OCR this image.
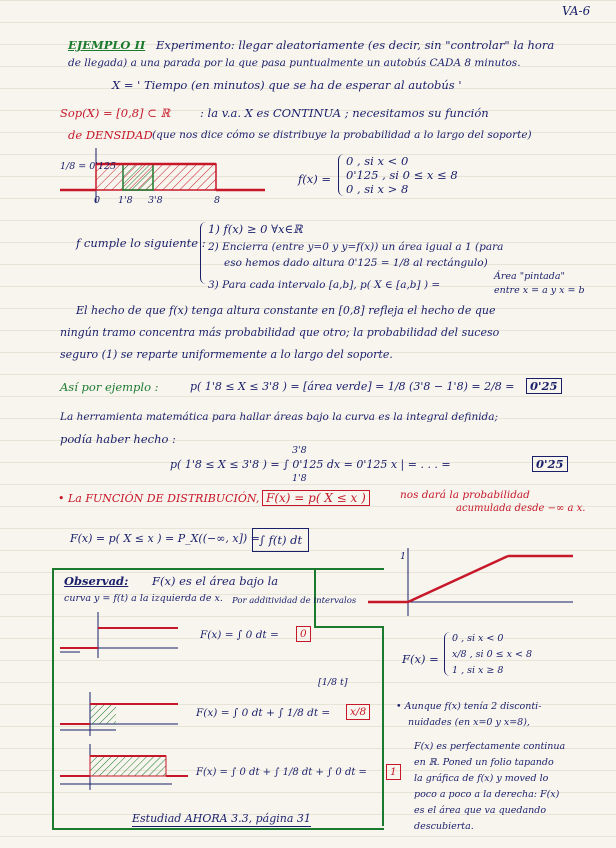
VA-6
EJEMPLO II Experimento: llegar aleatoriamente (es decir, sin "controlar" la hora
de llegada) a una parada por la que pasa puntualmente un autobús CADA 8 minutos.
X = ' Tiempo (en minutos) que se ha de esperar al autobús '
Sop(X) = [0,8] ⊂ ℝ	: la v.a. X es CONTINUA ; necesitamos su función
de DENSIDAD (que nos dice cómo se distribuye la probabilidad a lo largo del soporte)
1/8 = 0'125
0 1'8 3'8	8
f(x) =
0 , si x < 0
0'125 , si 0 ≤ x ≤ 8
0 , si x > 8
f cumple lo siguiente :
1) f(x) ≥ 0 ∀x∈ℝ
2) Encierra (entre y=0 y y=f(x)) un área igual a 1 (para
eso hemos dado altura 0'125 = 1/8 al rectángulo)
3) Para cada intervalo [a,b], p( X ∈ [a,b] ) =
Área "pintada"
entre x = a y x = b
El hecho de que f(x) tenga altura constante en [0,8] refleja el hecho de que
ningún tramo concentra más probabilidad que otro; la probabilidad del suceso
seguro (1) se reparte uniformemente a lo largo del soporte.
Así por ejemplo :	p( 1'8 ≤ X ≤ 3'8 ) = [área verde] = 1/8 (3'8 − 1'8) = 2/8 =	0'25
La herramienta matemática para hallar áreas bajo la curva es la integral definida;
podía haber hecho :
p( 1'8 ≤ X ≤ 3'8 ) = ∫ 0'125 dx = 0'125 x | = . . . =
3'8
1'8
0'25
• La FUNCIÓN DE DISTRIBUCIÓN, F(x) = p( X ≤ x )	nos dará la probabilidad
acumulada desde −∞ a x.
F(x) = p( X ≤ x ) = P_X((−∞, x]) = ∫ f(t) dt
1
Observad: F(x) es el área bajo la
curva y = f(t) a la izquierda de x. Por additividad de intervalos
F(x) = ∫ 0 dt =	0
[1/8 t]
F(x) = ∫ 0 dt + ∫ 1/8 dt =	x/8
F(x) = ∫ 0 dt + ∫ 1/8 dt + ∫ 0 dt =	1
Estudiad AHORA 3.3, página 31
F(x) =
0 , si x < 0
x/8 , si 0 ≤ x < 8
1 , si x ≥ 8
• Aunque f(x) tenía 2 disconti-
nuidades (en x=0 y x=8),
F(x) es perfectamente continua
en ℝ. Poned un folio tapando
la gráfica de f(x) y moved lo
poco a poco a la derecha: F(x)
es el área que va quedando
descubierta.
